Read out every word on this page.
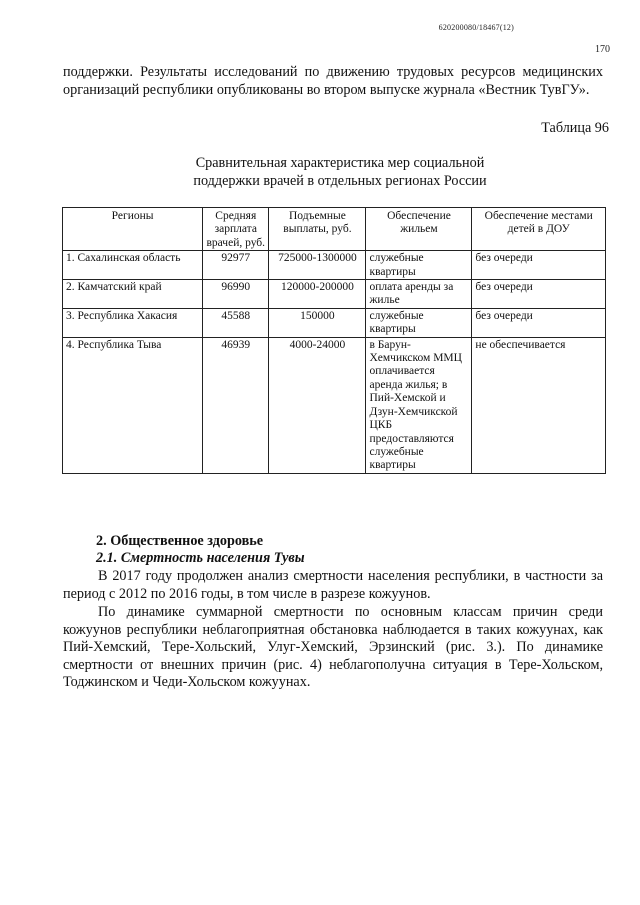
620200080/18467(12)
170

поддержки. Результаты исследований по движению трудовых ресурсов медицинских организаций республики опубликованы во втором выпуске журнала «Вестник ТувГУ».

Таблица 96
Сравнительная характеристика мер социальной
поддержки врачей в отдельных регионах России
Регионы	Средняя зарплата врачей, руб.	Подъемные выплаты, руб.	Обеспечение жильем	Обеспечение местами детей в ДОУ
1. Сахалинская область	92977	725000-1300000	служебные квартиры	без очереди
2. Камчатский край	96990	120000-200000	оплата аренды за жилье	без очереди
3. Республика Хакасия	45588	150000	служебные квартиры	без очереди
4. Республика Тыва	46939	4000-24000	в Барун-Хемчикском ММЦ оплачивается аренда жилья; в Пий-Хемской и Дзун-Хемчикской ЦКБ предоставляются служебные квартиры	не обеспечивается
2. Общественное здоровье
2.1. Смертность населения Тувы

В 2017 году продолжен анализ смертности населения республики, в частности за период с 2012 по 2016 годы, в том числе в разрезе кожуунов.

По динамике суммарной смертности по основным классам причин среди кожуунов республики неблагоприятная обстановка наблюдается в таких кожуунах, как Пий-Хемский, Тере-Хольский, Улуг-Хемский, Эрзинский (рис. 3.). По динамике смертности от внешних причин (рис. 4) неблагополучна ситуация в Тере-Хольском, Тоджинском и Чеди-Хольском кожуунах.
